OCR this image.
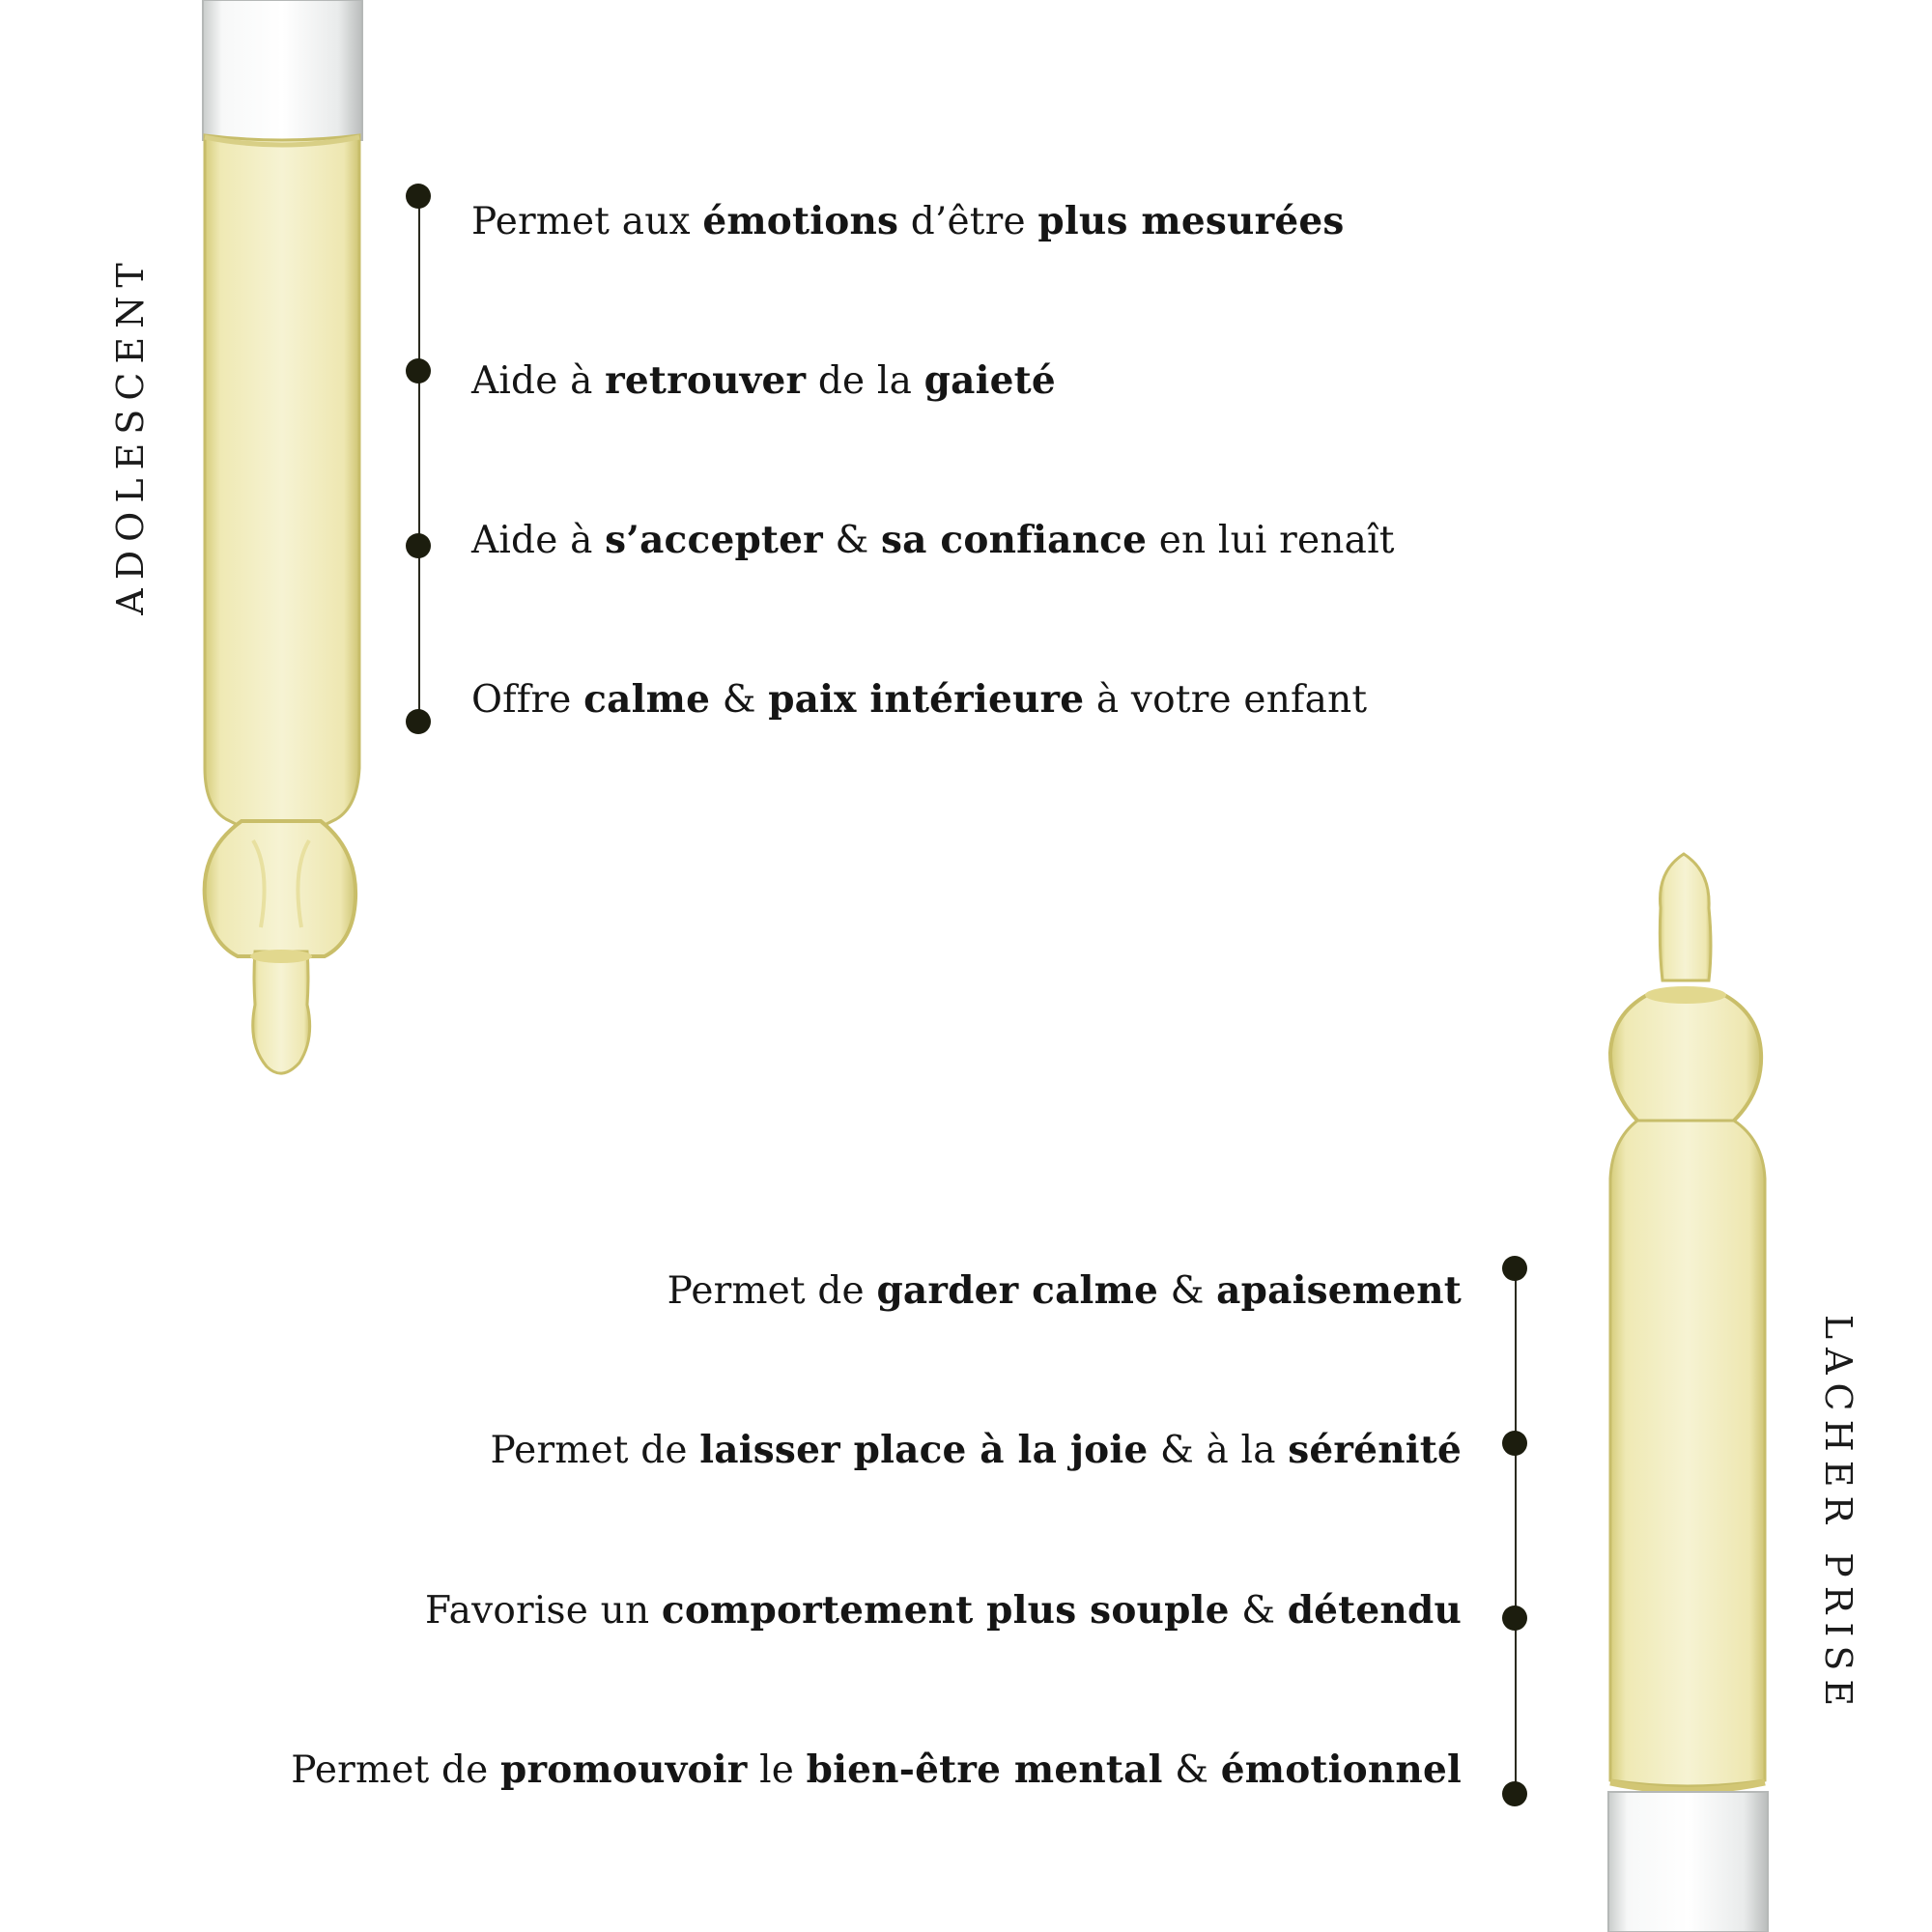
ADOLESCENT
LACHER PRISE
Permet aux émotions d’être plus mesurées
Aide à retrouver de la gaieté
Aide à s’accepter & sa confiance en lui renaît
Offre calme & paix intérieure à votre enfant
Permet de garder calme & apaisement
Permet de laisser place à la joie & à la sérénité
Favorise un comportement plus souple & détendu
Permet de promouvoir le bien-être mental & émotionnel
